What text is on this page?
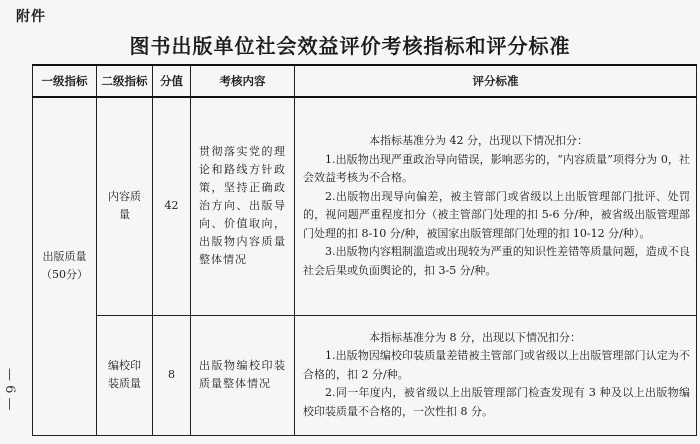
附件
图书出版单位社会效益评价考核指标和评分标准
— 6 —
一级指标	二级指标	分值	考核内容	评分标准
出版质量（50分）	内容质量	42	贯彻落实党的理论和路线方针政策，坚持正确政治方向、出版导向、价值取向，出版物内容质量整体情况	本指标基准分为 42 分，出现以下情况扣分：

1.出版物出现严重政治导向错误，影响恶劣的，“内容质量”项得分为 0，社会效益考核为不合格。

2.出版物出现导向偏差，被主管部门或省级以上出版管理部门批评、处罚的，视问题严重程度扣分（被主管部门处理的扣 5-6 分/种，被省级出版管理部门处理的扣 8-10 分/种，被国家出版管理部门处理的扣 10-12 分/种）。

3.出版物内容粗制滥造或出现较为严重的知识性差错等质量问题，造成不良社会后果或负面舆论的，扣 3-5 分/种。

	编校印装质量	8	出版物编校印装质量整体情况	本指标基准分为 8 分，出现以下情况扣分：

1.出版物因编校印装质量差错被主管部门或省级以上出版管理部门认定为不合格的，扣 2 分/种。

2.同一年度内，被省级以上出版管理部门检查发现有 3 种及以上出版物编校印装质量不合格的，一次性扣 8 分。
